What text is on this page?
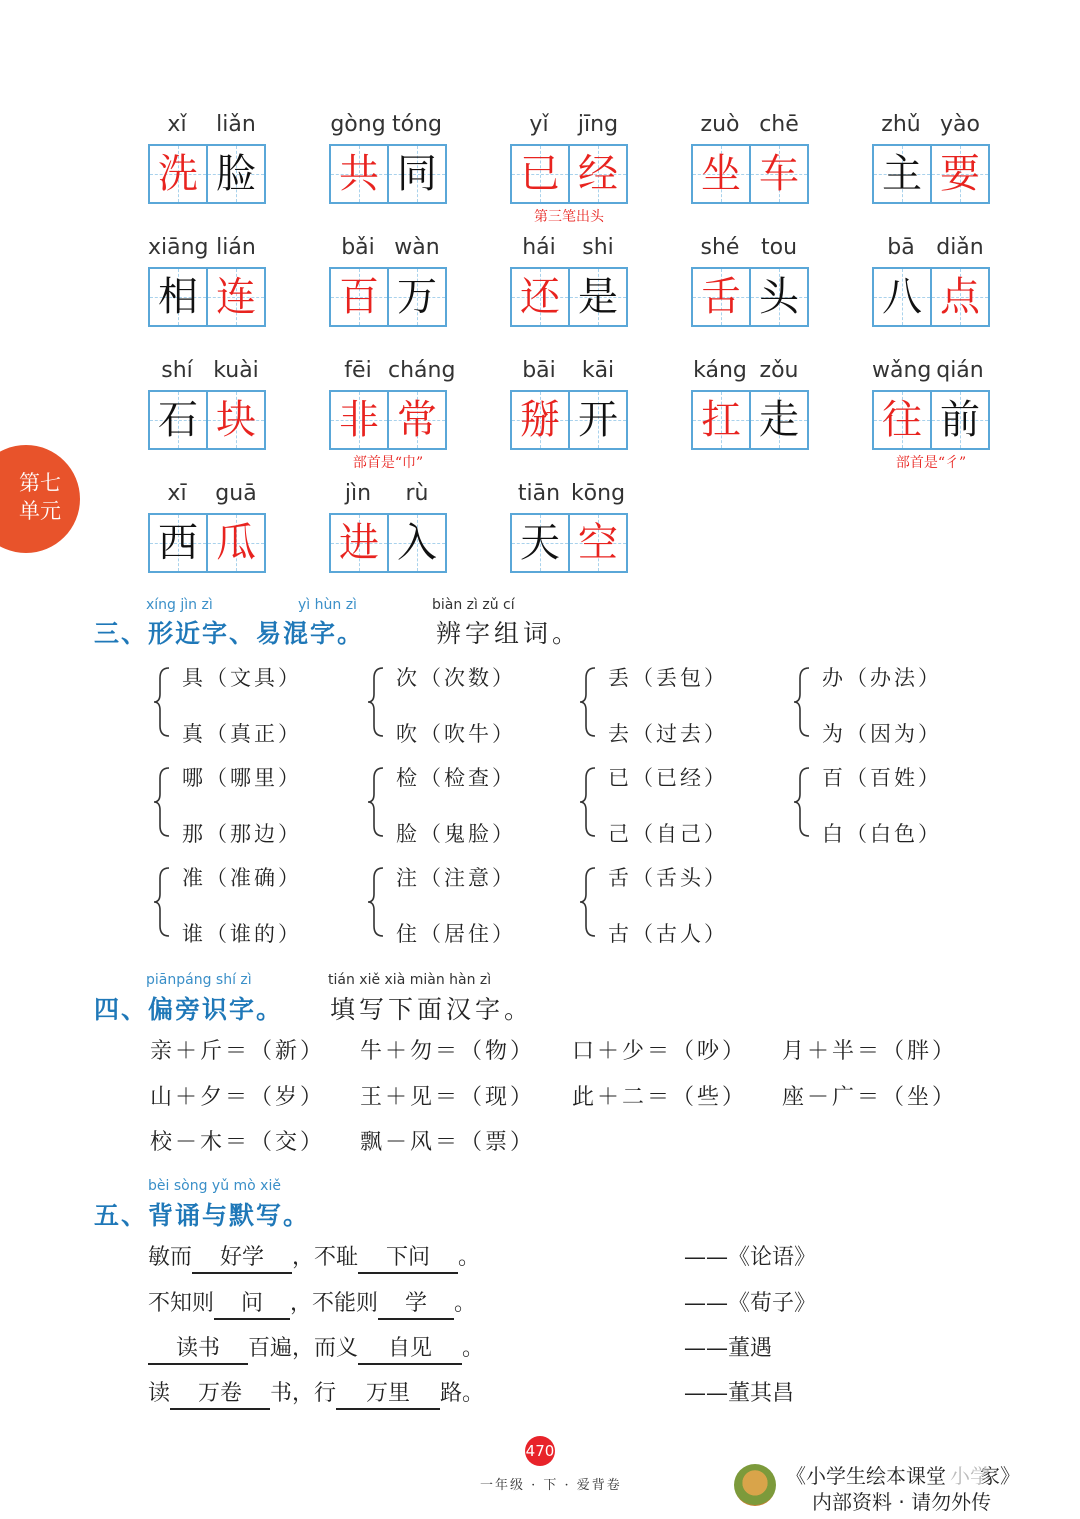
xǐ	liǎn
洗 脸
gòng tóng
共 同
yǐ	jīng
已 经
第三笔出头
zuò chē
坐 车
zhǔ yào
主 要
xiāng lián
相 连
bǎi wàn
百 万
hái	shi
还 是
shé tou
舌 头
bā diǎn
八 点
shí kuài
石 块
fēi cháng
非 常
部首是“巾”
bāi	kāi
掰 开
káng zǒu
扛 走
wǎng qián
往 前
部首是“彳”
xī	guā
西 瓜
jìn	rù
进 入
tiān kōng
天 空
第七
单元
xíng jìn zì	yì hùn zì	biàn zì zǔ cí
三、形近字、易混字。	辨字组词。
具（文具）
真（真正）
次（次数）
吹（吹牛）
丢（丢包）
去（过去）
办（办法）
为（因为）
哪（哪里）
那（那边）
检（检查）
脸（鬼脸）
已（已经）
己（自己）
百（百姓）
白（白色）
准（准确）
谁（谁的）
注（注意）
住（居住）
舌（舌头）
古（古人）
piānpáng shí zì	tián xiě xià miàn hàn zì
四、偏旁识字。 填写下面汉字。
亲＋斤＝（新） 牛＋勿＝（物） 口＋少＝（吵） 月＋半＝（胖）
山＋夕＝（岁） 王＋见＝（现） 此＋二＝（些） 座－广＝（坐）
校－木＝（交） 飘－风＝（票）
bèi sòng yǔ mò xiě
五、背诵与默写。
敏而 好学 ，不耻 下问 。	——《论语》
不知则 问 ，不能则 学 。	——《荀子》
读书 百遍，而义 自见 。	——董遇
读 万卷 书，行 万里 路。	——董其昌
470
一年级 · 下 · 爱背卷	《小学生绘本课堂 家》
内部资料 · 请勿外传
小学
